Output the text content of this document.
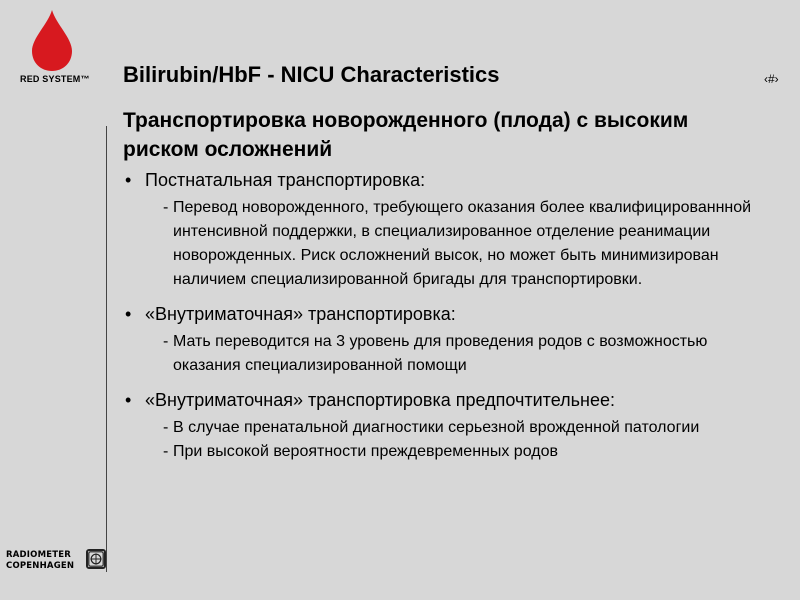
RED SYSTEM™ Bilirubin/HbF - NICU Characteristics	‹#›
Транспортировка новорожденного (плода) с высоким риском осложнений
• Постнатальная транспортировка:
- Перевод новорожденного, требующего оказания более квалифицированнной интенсивной поддержки, в специализированное отделение реанимации новорожденных. Риск осложнений высок, но может быть минимизирован наличием специализированной бригады для транспортировки.
• «Внутриматочная» транспортировка:
- Мать переводится на 3 уровень для проведения родов с возможностью оказания специализированной помощи
• «Внутриматочная» транспортировка предпочтительнее:
- В случае пренатальной диагностики серьезной врожденной патологии
- При высокой вероятности преждевременных родов
RADIOMETER
COPENHAGEN
